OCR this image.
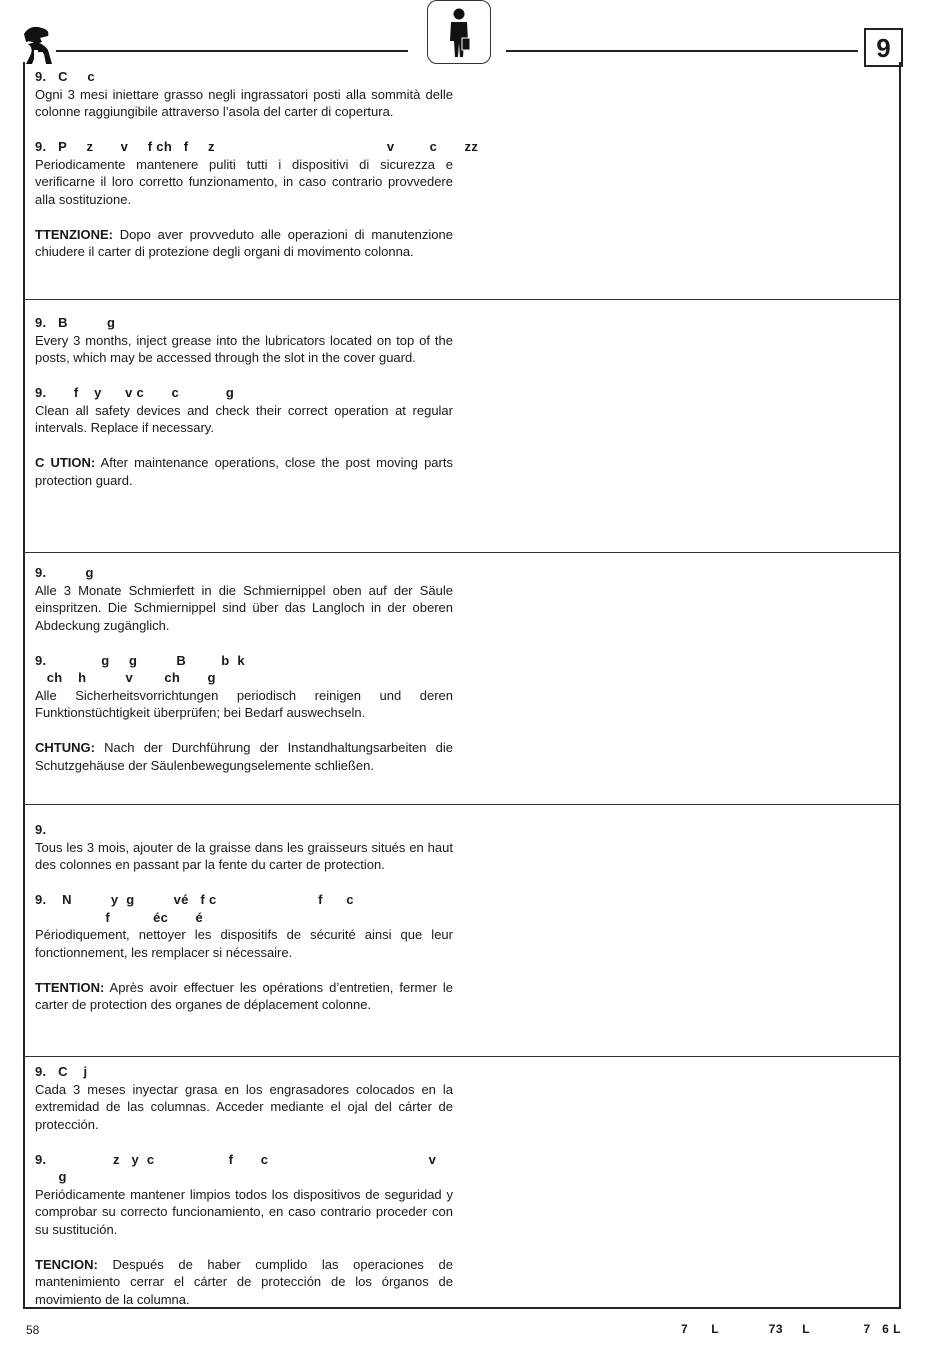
9
9.   C     c
Ogni 3 mesi iniettare grasso negli ingrassatori posti alla sommità delle colonne raggiungibile attraverso l’asola del carter di copertura.
9.   P     z       v     f ch   f     z                                            v         c       zz
Periodicamente mantenere puliti tutti i dispositivi di sicurezza e verificarne il loro corretto funzionamento, in caso contrario provvedere alla sostituzione.
TTENZIONE: Dopo aver provveduto alle operazioni di manutenzione chiudere il carter di protezione degli organi di movimento colonna.
9.   B          g
Every 3 months, inject grease into the lubricators located on top of the posts, which may be accessed through the slot in the cover guard.
9.       f    y      v c       c            g
Clean all safety devices and check their correct operation at regular intervals. Replace if necessary.
C UTION: After maintenance operations, close the post moving parts protection guard.
9.          g
Alle 3 Monate Schmierfett in die Schmiernippel oben auf der Säule einspritzen. Die Schmiernippel sind über das Langloch in der oberen Abdeckung zugänglich.
9.              g     g          B         b  k
ch    h          v        ch       g
Alle Sicherheitsvorrichtungen periodisch reinigen und deren Funktionstüchtigkeit überprüfen; bei Bedarf auswechseln.
CHTUNG: Nach der Durchführung der Instandhaltungsarbeiten die Schutzgehäuse der Säulenbewegungselemente schließen.
9.
Tous les 3 mois, ajouter de la graisse dans les graisseurs situés en haut des colonnes en passant par la fente du carter de protection.
9.    N          y  g          vé   f c                          f      c
f           éc       é
Périodiquement, nettoyer les dispositifs de sécurité ainsi que leur fonctionnement, les remplacer si nécessaire.
TTENTION: Après avoir effectuer les opérations d’entretien, fermer le carter de protection des organes de déplacement colonne.
9.   C    j
Cada 3 meses inyectar grasa en los engrasadores colocados en la extremidad de las columnas. Acceder mediante el ojal del cárter de protección.
9.                 z   y  c                   f       c                                         v
g
Periódicamente mantener limpios todos los dispositivos de seguridad y comprobar su correcto funcionamiento, en caso contrario proceder con su sustitución.
TENCION: Después de haber cumplido las operaciones de mantenimiento cerrar el cárter de protección de los órganos de movimiento de la columna.
58	7      L             73     L              7   6 L
